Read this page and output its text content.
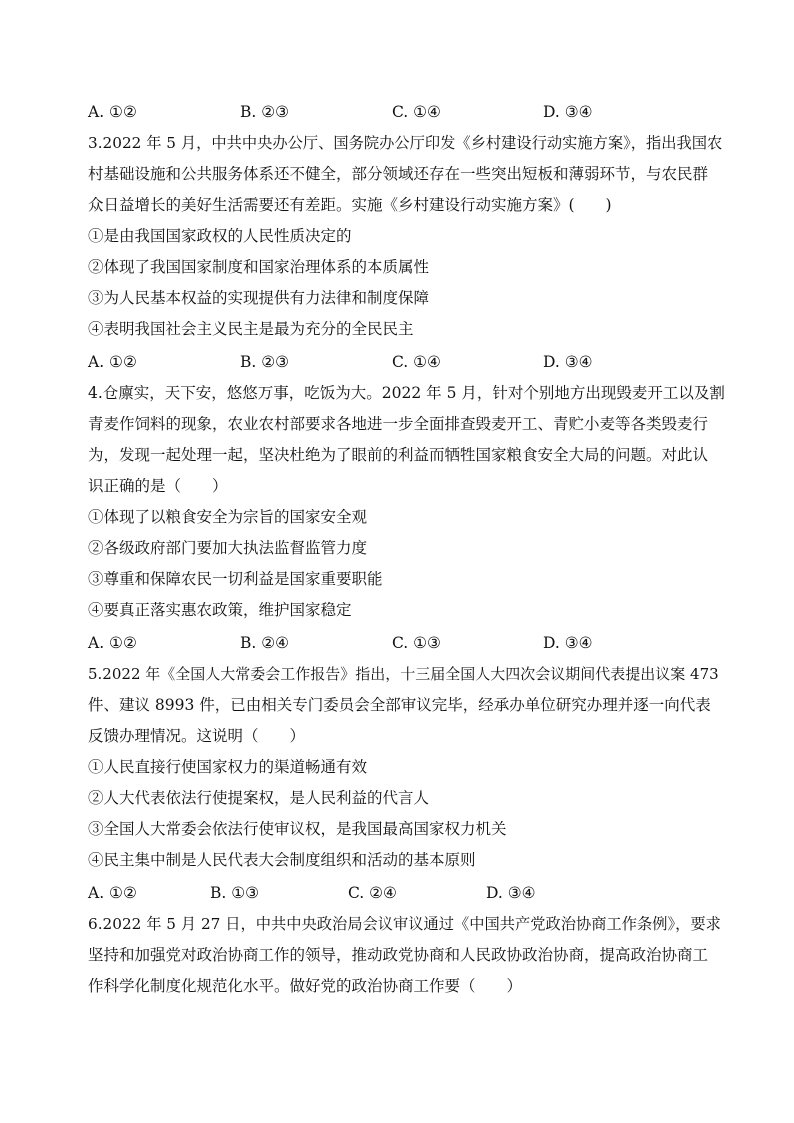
A. ①②	B. ②③	C. ①④	D. ③④
3.2022 年 5 月，中共中央办公厅、国务院办公厅印发《乡村建设行动实施方案》，指出我国农
村基础设施和公共服务体系还不健全，部分领域还存在一些突出短板和薄弱环节，与农民群
众日益增长的美好生活需要还有差距。实施《乡村建设行动实施方案》(　　)
①是由我国国家政权的人民性质决定的
②体现了我国国家制度和国家治理体系的本质属性
③为人民基本权益的实现提供有力法律和制度保障
④表明我国社会主义民主是最为充分的全民民主
A. ①②	B. ②③	C. ①④	D. ③④
4.仓廪实，天下安，悠悠万事，吃饭为大。2022 年 5 月，针对个别地方出现毁麦开工以及割
青麦作饲料的现象，农业农村部要求各地进一步全面排查毁麦开工、青贮小麦等各类毁麦行
为，发现一起处理一起，坚决杜绝为了眼前的利益而牺牲国家粮食安全大局的问题。对此认
识正确的是（　　）
①体现了以粮食安全为宗旨的国家安全观
②各级政府部门要加大执法监督监管力度
③尊重和保障农民一切利益是国家重要职能
④要真正落实惠农政策，维护国家稳定
A. ①②	B. ②④	C. ①③	D. ③④
5.2022 年《全国人大常委会工作报告》指出，十三届全国人大四次会议期间代表提出议案 473
件、建议 8993 件，已由相关专门委员会全部审议完毕，经承办单位研究办理并逐一向代表
反馈办理情况。这说明（　　）
①人民直接行使国家权力的渠道畅通有效
②人大代表依法行使提案权，是人民利益的代言人
③全国人大常委会依法行使审议权，是我国最高国家权力机关
④民主集中制是人民代表大会制度组织和活动的基本原则
A. ①②	B. ①③	C. ②④	D. ③④
6.2022 年 5 月 27 日，中共中央政治局会议审议通过《中国共产党政治协商工作条例》，要求
坚持和加强党对政治协商工作的领导，推动政党协商和人民政协政治协商，提高政治协商工
作科学化制度化规范化水平。做好党的政治协商工作要（　　）
